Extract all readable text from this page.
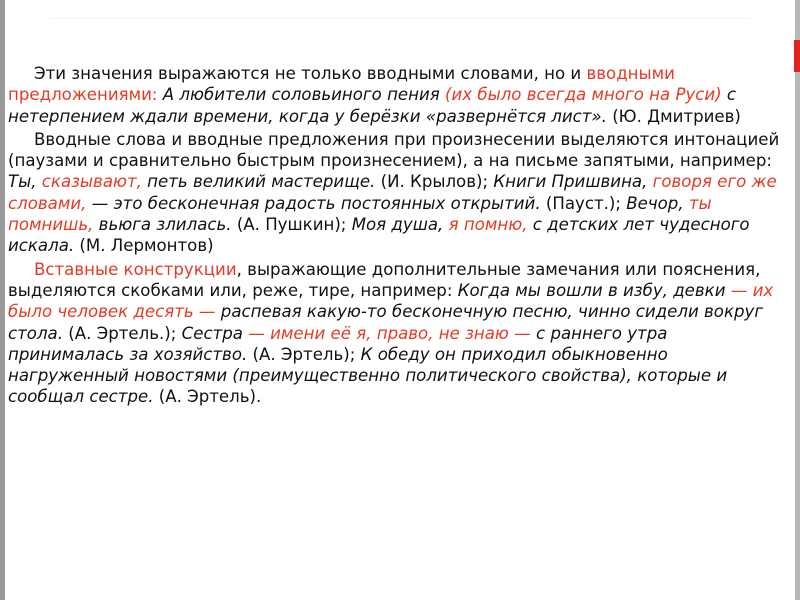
Эти значения выражаются не только вводными словами, но и вводными предложениями: А любители соловьиного пения (их было всегда много на Руси) с нетерпением ждали времени, когда у берёзки «развернётся лист». (Ю. Дмитриев)

Вводные слова и вводные предложения при произнесении выделяются интонацией (паузами и сравнительно быстрым произнесением), а на письме запятыми, например: Ты, сказывают, петь великий мастерище. (И. Крылов); Книги Пришвина, говоря его же словами, — это бесконечная радость постоянных открытий. (Пауст.); Вечор, ты помнишь, вьюга злилась. (А. Пушкин); Моя душа, я помню, с детских лет чудесного искала. (М. Лермонтов)

Вставные конструкции, выражающие дополнительные замечания или пояснения, выделяются скобками или, реже, тире, например: Когда мы вошли в избу, девки — их было человек десять — распевая какую-то бесконечную песню, чинно сидели вокруг стола. (А. Эртель.); Сестра — имени её я, право, не знаю — с раннего утра принималась за хозяйство. (А. Эртель); К обеду он приходил обыкновенно нагруженный новостями (преимущественно политического свойства), которые и сообщал сестре. (А. Эртель).
